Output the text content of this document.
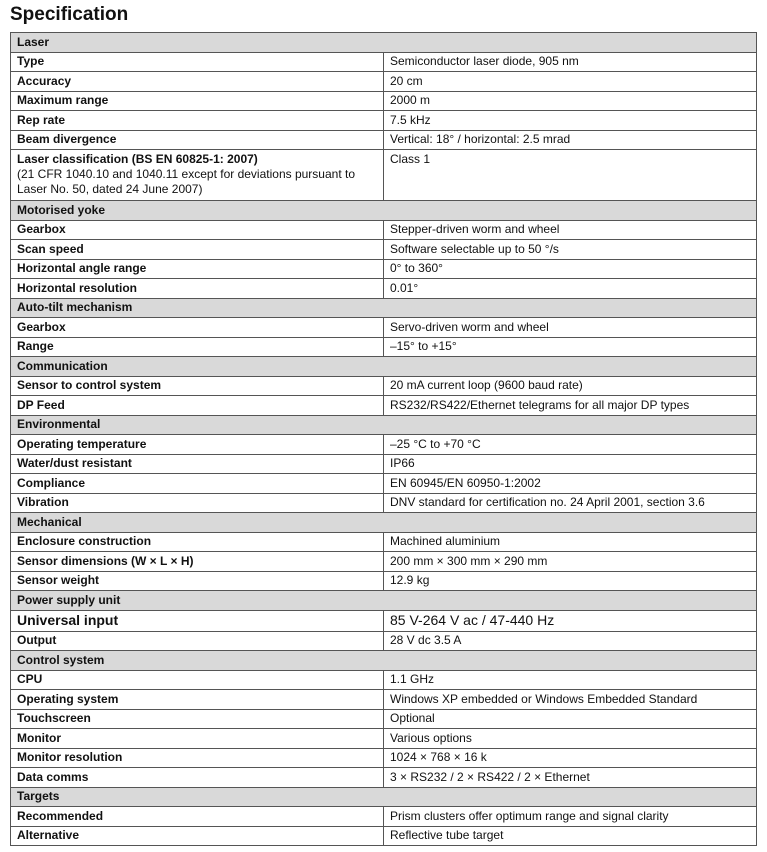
Specification
Laser	
Type	Semiconductor laser diode, 905 nm
Accuracy	20 cm
Maximum range	2000 m
Rep rate	7.5 kHz
Beam divergence	Vertical: 18° / horizontal: 2.5 mrad
Laser classification (BS EN 60825-1: 2007)
(21 CFR 1040.10 and 1040.11 except for deviations pursuant to Laser No. 50, dated 24 June 2007)	Class 1
Motorised yoke	
Gearbox	Stepper-driven worm and wheel
Scan speed	Software selectable up to 50 °/s
Horizontal angle range	0° to 360°
Horizontal resolution	0.01°
Auto-tilt mechanism	
Gearbox	Servo-driven worm and wheel
Range	–15° to +15°
Communication	
Sensor to control system	20 mA current loop (9600 baud rate)
DP Feed	RS232/RS422/Ethernet telegrams for all major DP types
Environmental	
Operating temperature	–25 °C to +70 °C
Water/dust resistant	IP66
Compliance	EN 60945/EN 60950-1:2002
Vibration	DNV standard for certification no. 24 April 2001, section 3.6
Mechanical	
Enclosure construction	Machined aluminium
Sensor dimensions (W × L × H)	200 mm × 300 mm × 290 mm
Sensor weight	12.9 kg
Power supply unit	
Universal input	85 V-264 V ac / 47-440 Hz
Output	28 V dc 3.5 A
Control system	
CPU	1.1 GHz
Operating system	Windows XP embedded or Windows Embedded Standard
Touchscreen	Optional
Monitor	Various options
Monitor resolution	1024 × 768 × 16 k
Data comms	3 × RS232 / 2 × RS422 / 2 × Ethernet
Targets	
Recommended	Prism clusters offer optimum range and signal clarity
Alternative	Reflective tube target
